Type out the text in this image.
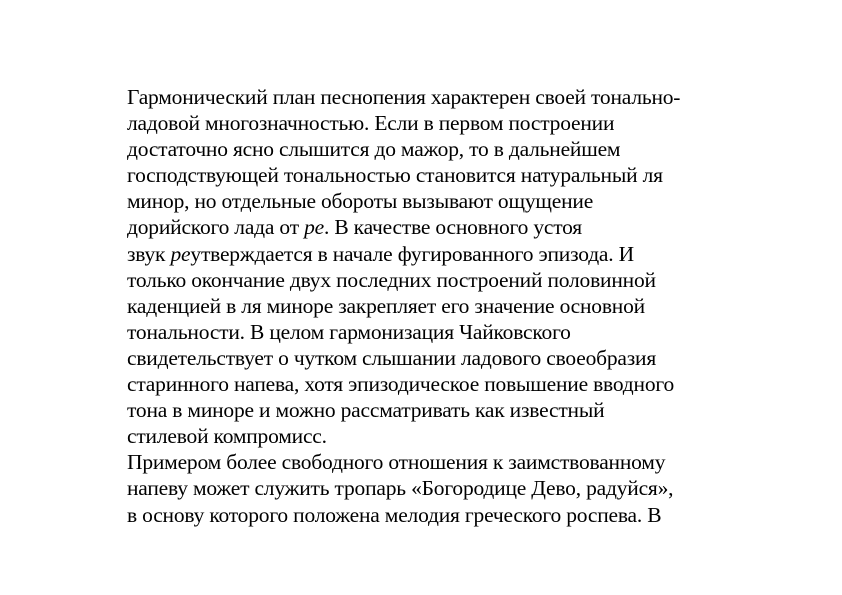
Гармонический план песнопения характерен своей тонально-
ладовой многозначностью. Если в первом построении
достаточно ясно слышится до мажор, то в дальнейшем
господствующей тональностью становится натуральный ля
минор, но отдельные обороты вызывают ощущение
дорийского лада от ре. В качестве основного устоя
звук реутверждается в начале фугированного эпизода. И
только окончание двух последних построений половинной
каденцией в ля миноре закрепляет его значение основной
тональности. В целом гармонизация Чайковского
свидетельствует о чутком слышании ладового своеобразия
старинного напева, хотя эпизодическое повышение вводного
тона в миноре и можно рассматривать как известный
стилевой компромисс.
Примером более свободного отношения к заимствованному
напеву может служить тропарь «Богородице Дево, радуйся»,
в основу которого положена мелодия греческого роспева. В
